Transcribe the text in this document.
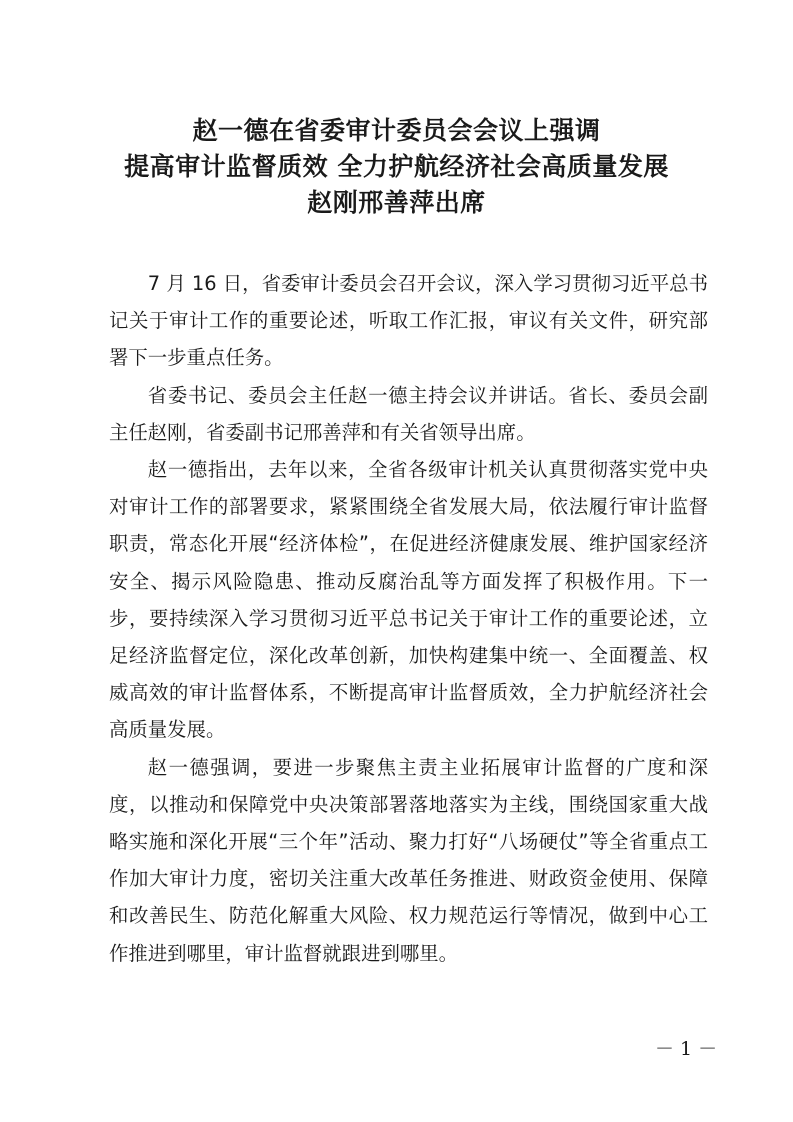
赵一德在省委审计委员会会议上强调
提高审计监督质效 全力护航经济社会高质量发展
赵刚邢善萍出席

7 月 16 日，省委审计委员会召开会议，深入学习贯彻习近平总书记关于审计工作的重要论述，听取工作汇报，审议有关文件，研究部署下一步重点任务。

省委书记、委员会主任赵一德主持会议并讲话。省长、委员会副主任赵刚，省委副书记邢善萍和有关省领导出席。

赵一德指出，去年以来，全省各级审计机关认真贯彻落实党中央对审计工作的部署要求，紧紧围绕全省发展大局，依法履行审计监督职责，常态化开展“经济体检”，在促进经济健康发展、维护国家经济安全、揭示风险隐患、推动反腐治乱等方面发挥了积极作用。下一步，要持续深入学习贯彻习近平总书记关于审计工作的重要论述，立足经济监督定位，深化改革创新，加快构建集中统一、全面覆盖、权威高效的审计监督体系，不断提高审计监督质效，全力护航经济社会高质量发展。

赵一德强调，要进一步聚焦主责主业拓展审计监督的广度和深度，以推动和保障党中央决策部署落地落实为主线，围绕国家重大战略实施和深化开展“三个年”活动、聚力打好“八场硬仗”等全省重点工作加大审计力度，密切关注重大改革任务推进、财政资金使用、保障和改善民生、防范化解重大风险、权力规范运行等情况，做到中心工作推进到哪里，审计监督就跟进到哪里。

－ 1 －
